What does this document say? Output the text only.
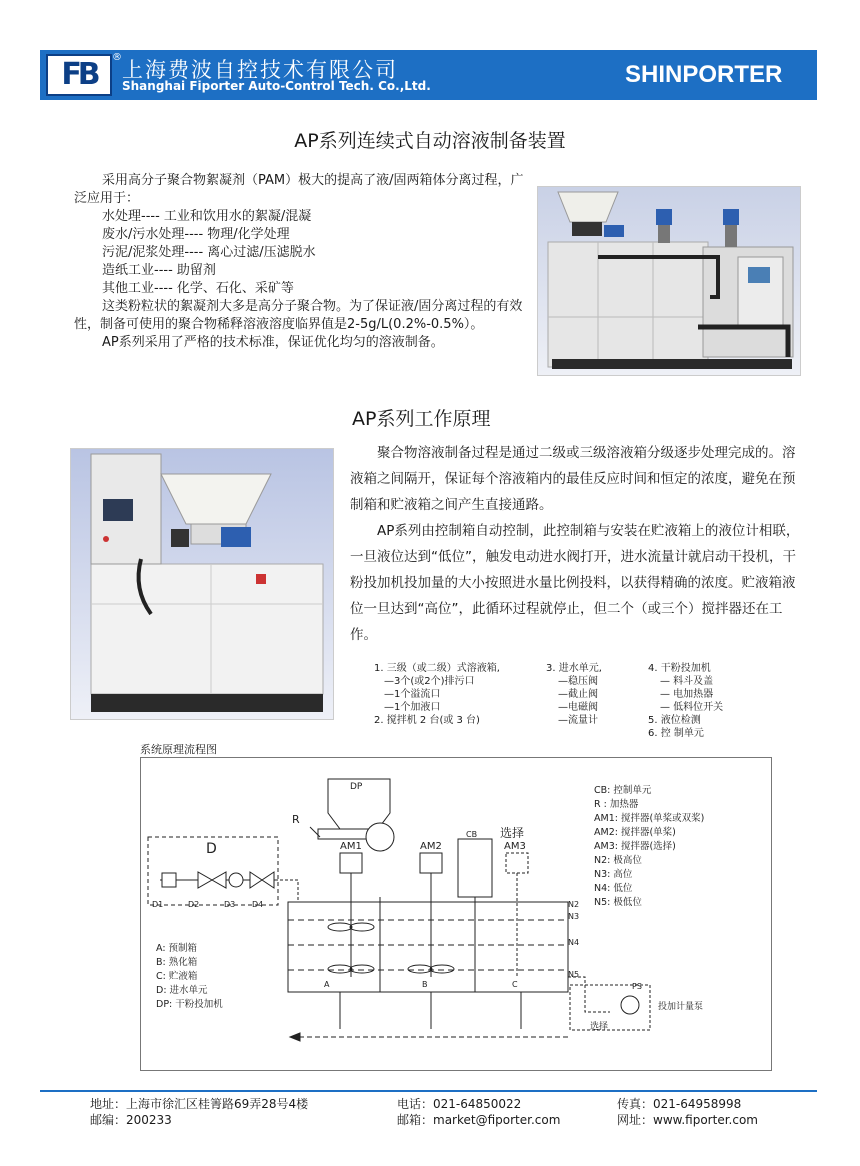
FB	®
上海费波自控技术有限公司
Shanghai Fiporter Auto-Control Tech. Co.,Ltd.	SHINPORTER
AP系列连续式自动溶液制备装置

采用高分子聚合物絮凝剂（PAM）极大的提高了液/固两箱体分离过程，广泛应用于：

水处理---- 工业和饮用水的絮凝/混凝

废水/污水处理---- 物理/化学处理

污泥/泥浆处理---- 离心过滤/压滤脱水

造纸工业---- 助留剂

其他工业---- 化学、石化、采矿等

这类粉粒状的絮凝剂大多是高分子聚合物。为了保证液/固分离过程的有效性，制备可使用的聚合物稀释溶液溶度临界值是2-5g/L(0.2%-0.5%）。

AP系列采用了严格的技术标准，保证优化均匀的溶液制备。

AP系列工作原理

聚合物溶液制备过程是通过二级或三级溶液箱分级逐步处理完成的。溶液箱之间隔开，保证每个溶液箱内的最佳反应时间和恒定的浓度，避免在预制箱和贮液箱之间产生直接通路。

AP系列由控制箱自动控制，此控制箱与安装在贮液箱上的液位计相联，一旦液位达到“低位”，触发电动进水阀打开，进水流量计就启动干投机，干粉投加机投加量的大小按照进水量比例投料，以获得精确的浓度。贮液箱液位一旦达到“高位”，此循环过程就停止，但二个（或三个）搅拌器还在工作。

1. 三级（或二级）式溶液箱,
—3个(或2个)排污口
—1个溢流口
—1个加液口
2. 搅拌机 2 台(或 3 台)
3. 进水单元,
—稳压阀
—截止阀
—电磁阀
—流量计
4. 干粉投加机
— 料斗及盖
— 电加热器
— 低料位开关
5. 液位检测
6. 控 制单元
系统原理流程图
DP
R
CB 选择
AM1	AM2	AM3
D
D1	D2	D3 D4	N2
N3
N4
N5
A	B	C	PS
选择
投加计量泵
CB: 控制单元
R : 加热器
AM1: 搅拌器(单桨或双桨)
AM2: 搅拌器(单桨)
AM3: 搅拌器(选择)
N2: 极高位
N3: 高位
N4: 低位
N5: 极低位
A: 预制箱
B: 熟化箱
C: 贮液箱
D: 进水单元
DP: 干粉投加机
地址：上海市徐汇区桂箐路69弄28号4楼
邮编：200233
电话：021-64850022
邮箱：market@fiporter.com
传真：021-64958998
网址：www.fiporter.com
